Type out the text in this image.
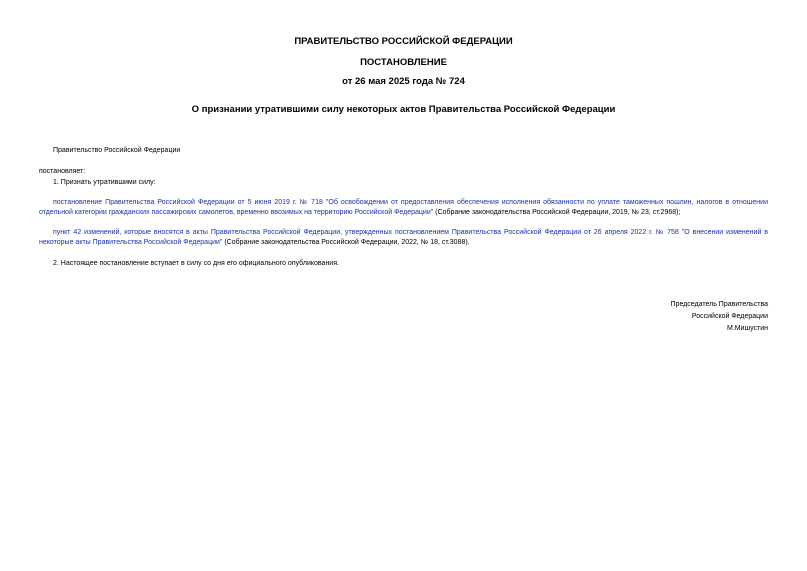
ПРАВИТЕЛЬСТВО РОССИЙСКОЙ ФЕДЕРАЦИИ
ПОСТАНОВЛЕНИЕ
от 26 мая 2025 года № 724
О признании утратившими силу некоторых актов Правительства Российской Федерации
Правительство Российской Федерации
постановляет:
1. Признать утратившими силу:
постановление Правительства Российской Федерации от 5 июня 2019 г. № 718 "Об освобождении от предоставления обеспечения исполнения обязанности по уплате таможенных пошлин, налогов в отношении отдельной категории гражданских пассажирских самолетов, временно ввозимых на территорию Российской Федерации" (Собрание законодательства Российской Федерации, 2019, № 23, ст.2968);
пункт 42 изменений, которые вносятся в акты Правительства Российской Федерации, утвержденных постановлением Правительства Российской Федерации от 26 апреля 2022 г. № 758 "О внесении изменений в некоторые акты Правительства Российской Федерации" (Собрание законодательства Российской Федерации, 2022, № 18, ст.3088).
2. Настоящее постановление вступает в силу со дня его официального опубликования.
Председатель Правительства
Российской Федерации
М.Мишустин
